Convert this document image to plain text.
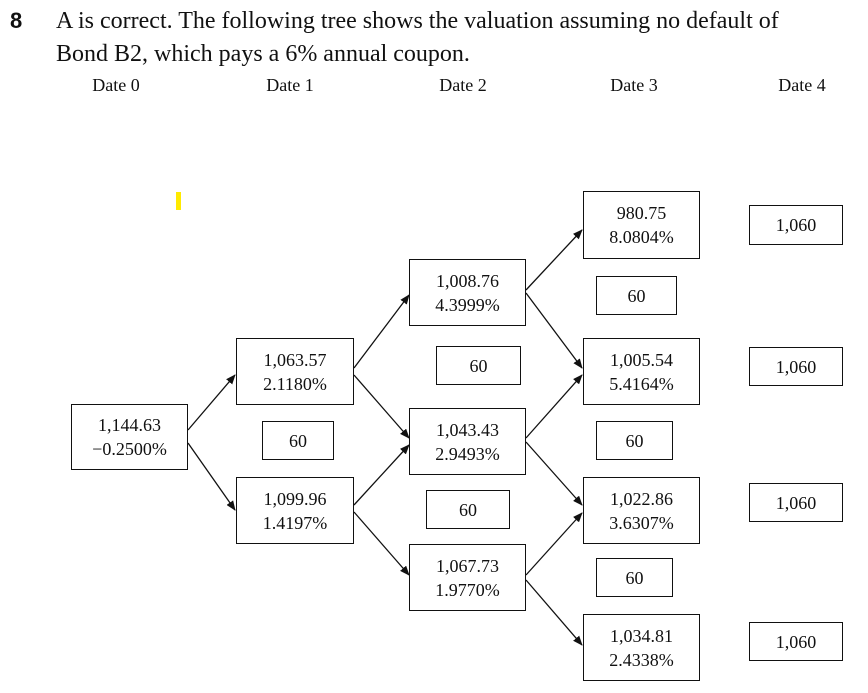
8 A is correct. The following tree shows the valuation assuming no default of
Bond B2, which pays a 6% annual coupon.
Date 0	Date 1	Date 2	Date 3	Date 4
1,144.63
−0.2500%
1,063.57
2.1180%
60
1,099.96
1.4197%
1,008.76
4.3999%
60
1,043.43
2.9493%
60
1,067.73
1.9770%
980.75
8.0804%
60
1,005.54
5.4164%
60
1,022.86
3.6307%
60
1,034.81
2.4338%
1,060
1,060
1,060
1,060
